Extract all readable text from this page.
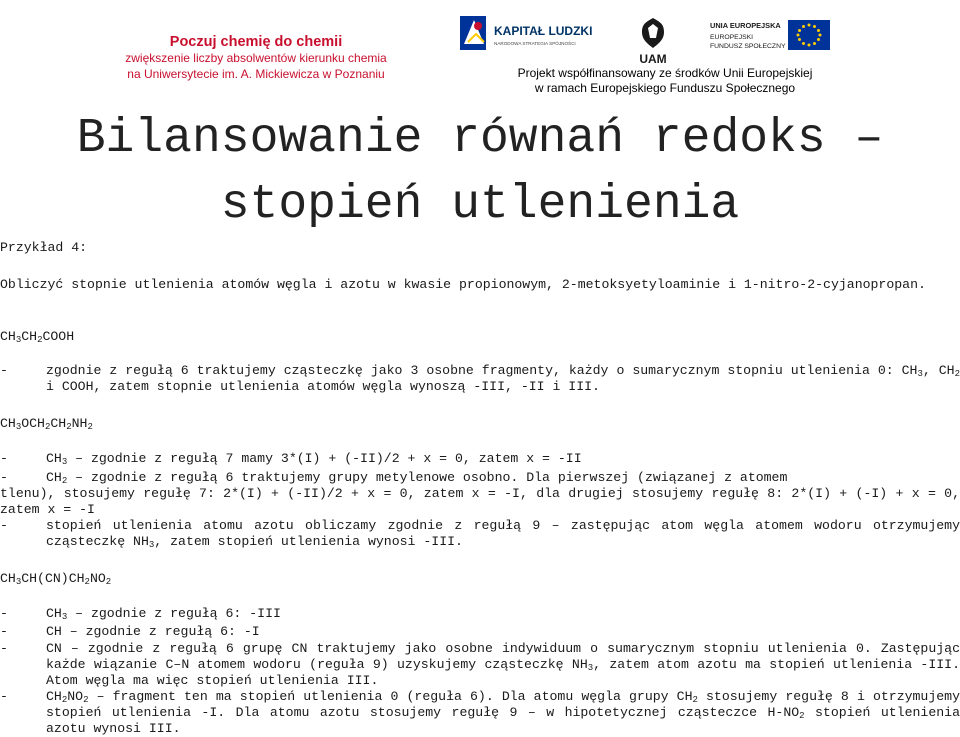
Poczuj chemię do chemii
zwiększenie liczby absolwentów kierunku chemia
na Uniwersytecie im. A. Mickiewicza w Poznaniu
KAPITAŁ LUDZKI
NARODOWA STRATEGIA SPÓJNOŚCI
UAM
UNIA EUROPEJSKA
EUROPEJSKI
FUNDUSZ SPOŁECZNY
Projekt współfinansowany ze środków Unii Europejskiej
w ramach Europejskiego Funduszu Społecznego
Bilansowanie równań redoks –
stopień utlenienia
Przykład 4:
Obliczyć stopnie utlenienia atomów węgla i azotu w kwasie propionowym, 2-metoksyetyloaminie i 1-nitro-2-cyjanopropan.
$CH_3CH_2COOH$
-	zgodnie z regułą 6 traktujemy cząsteczkę jako 3 osobne fragmenty, każdy o sumarycznym stopniu utlenienia 0: $CH_3$, $CH_2$ i COOH, zatem stopnie utlenienia atomów węgla wynoszą -III, -II i III.
$CH_3OCH_2CH_2NH_2$
-	$CH_3$ – zgodnie z regułą 7 mamy 3*(I) + (-II)/2 + x = 0, zatem x = -II
-	$CH_2$ – zgodnie z regułą 6 traktujemy grupy metylenowe osobno. Dla pierwszej (związanej z atomem
tlenu), stosujemy regułę 7: 2*(I) + (-II)/2 + x = 0, zatem x = -I, dla drugiej stosujemy regułę 8: 2*(I) + (-I) + x = 0, zatem x = -I
-	stopień utlenienia atomu azotu obliczamy zgodnie z regułą 9 – zastępując atom węgla atomem wodoru otrzymujemy cząsteczkę $NH_3$, zatem stopień utlenienia wynosi -III.
$CH_3CH(CN)CH_2NO_2$
-	$CH_3$ – zgodnie z regułą 6: -III
-	CH – zgodnie z regułą 6: -I
-	CN – zgodnie z regułą 6 grupę CN traktujemy jako osobne indywiduum o sumarycznym stopniu utlenienia 0. Zastępując każde wiązanie C–N atomem wodoru (reguła 9) uzyskujemy cząsteczkę $NH_3$, zatem atom azotu ma stopień utlenienia -III. Atom węgla ma więc stopień utlenienia III.
-	$CH_2NO_2$ – fragment ten ma stopień utlenienia 0 (reguła 6). Dla atomu węgla grupy $CH_2$ stosujemy regułę 8 i otrzymujemy stopień utlenienia -I. Dla atomu azotu stosujemy regułę 9 – w hipotetycznej cząsteczce $H-NO_2$ stopień utlenienia azotu wynosi III.
